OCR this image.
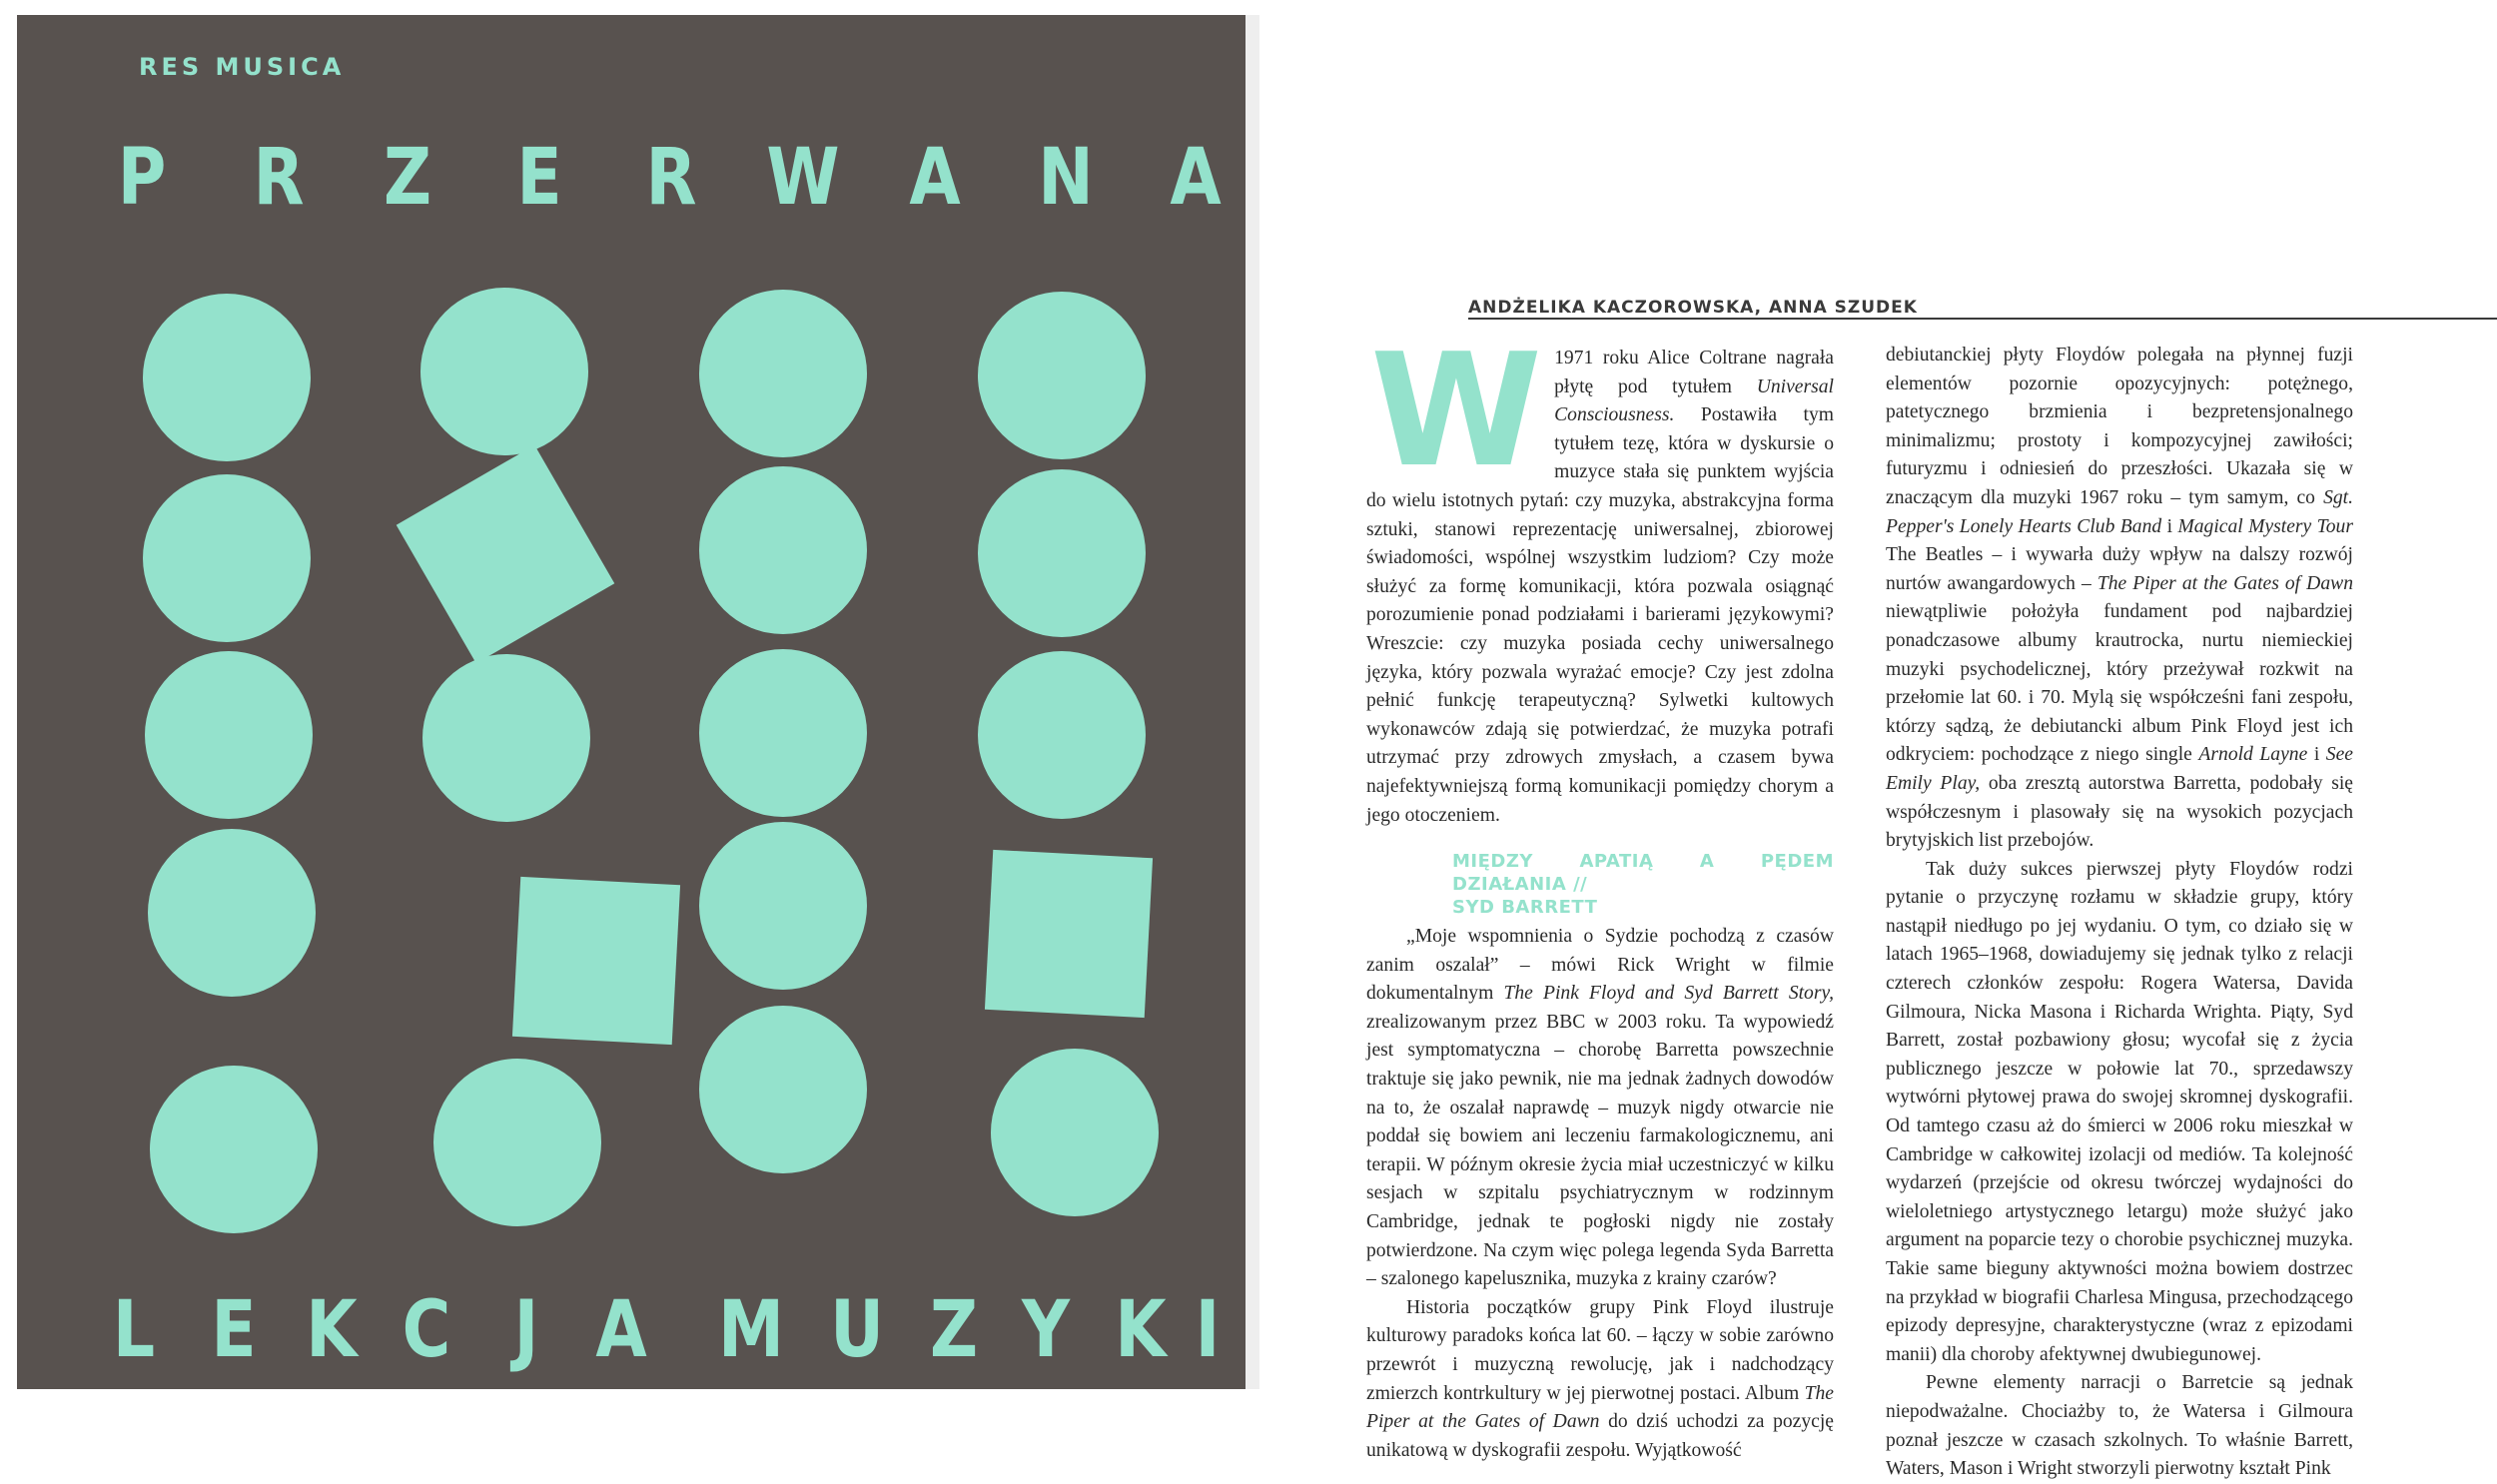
RES MUSICA
P R Z E R W A N A
L E K C J A M U Z Y K I
ANDŻELIKA KACZOROWSKA, ANNA SZUDEK

W 1971 roku Alice Coltrane nagrała płytę pod tytułem Universal Consciousness. Postawiła tym tytułem tezę, która w dyskursie o muzyce stała się punktem wyjścia do wielu istotnych pytań: czy muzyka, abstrakcyjna forma sztuki, stanowi reprezentację uniwersalnej, zbiorowej świadomości, wspólnej wszystkim ludziom? Czy może służyć za formę komunikacji, która pozwala osiągnąć porozumienie ponad podziałami i barierami językowymi? Wreszcie: czy muzyka posiada cechy uniwersalnego języka, który pozwala wyrażać emocje? Czy jest zdolna pełnić funkcję terapeutyczną? Sylwetki kultowych wykonawców zdają się potwierdzać, że muzyka potrafi utrzymać przy zdrowych zmysłach, a czasem bywa najefektywniejszą formą komunikacji pomiędzy chorym a jego otoczeniem.

MIĘDZY APATIĄ A PĘDEM DZIAŁANIA //
SYD BARRETT

„Moje wspomnienia o Sydzie pochodzą z czasów zanim oszalał” – mówi Rick Wright w filmie dokumentalnym The Pink Floyd and Syd Barrett Story, zrealizowanym przez BBC w 2003 roku. Ta wypowiedź jest symptomatyczna – chorobę Barretta powszechnie traktuje się jako pewnik, nie ma jednak żadnych dowodów na to, że oszalał naprawdę – muzyk nigdy otwarcie nie poddał się bowiem ani leczeniu farmakologicznemu, ani terapii. W późnym okresie życia miał uczestniczyć w kilku sesjach w szpitalu psychiatrycznym w rodzinnym Cambridge, jednak te pogłoski nigdy nie zostały potwierdzone. Na czym więc polega legenda Syda Barretta – szalonego kapelusznika, muzyka z krainy czarów?

Historia początków grupy Pink Floyd ilustruje kulturowy paradoks końca lat 60. – łączy w sobie zarówno przewrót i muzyczną rewolucję, jak i nadchodzący zmierzch kontrkultury w jej pierwotnej postaci. Album The Piper at the Gates of Dawn do dziś uchodzi za pozycję unikatową w dyskografii zespołu. Wyjątkowość

debiutanckiej płyty Floydów polegała na płynnej fuzji elementów pozornie opozycyjnych: potężnego, patetycznego brzmienia i bezpretensjonalnego minimalizmu; prostoty i kompozycyjnej zawiłości; futuryzmu i odniesień do przeszłości. Ukazała się w znaczącym dla muzyki 1967 roku – tym samym, co Sgt. Pepper's Lonely Hearts Club Band i Magical Mystery Tour The Beatles – i wywarła duży wpływ na dalszy rozwój nurtów awangardowych – The Piper at the Gates of Dawn niewątpliwie położyła fundament pod najbardziej ponadczasowe albumy krautrocka, nurtu niemieckiej muzyki psychodelicznej, który przeżywał rozkwit na przełomie lat 60. i 70. Mylą się współcześni fani zespołu, którzy sądzą, że debiutancki album Pink Floyd jest ich odkryciem: pochodzące z niego single Arnold Layne i See Emily Play, oba zresztą autorstwa Barretta, podobały się współczesnym i plasowały się na wysokich pozycjach brytyjskich list przebojów.

Tak duży sukces pierwszej płyty Floydów rodzi pytanie o przyczynę rozłamu w składzie grupy, który nastąpił niedługo po jej wydaniu. O tym, co działo się w latach 1965–1968, dowiadujemy się jednak tylko z relacji czterech członków zespołu: Rogera Watersa, Davida Gilmoura, Nicka Masona i Richarda Wrighta. Piąty, Syd Barrett, został pozbawiony głosu; wycofał się z życia publicznego jeszcze w połowie lat 70., sprzedawszy wytwórni płytowej prawa do swojej skromnej dyskografii. Od tamtego czasu aż do śmierci w 2006 roku mieszkał w Cambridge w całkowitej izolacji od mediów. Ta kolejność wydarzeń (przejście od okresu twórczej wydajności do wieloletniego artystycznego letargu) może służyć jako argument na poparcie tezy o chorobie psychicznej muzyka. Takie same bieguny aktywności można bowiem dostrzec na przykład w biografii Charlesa Mingusa, przechodzącego epizody depresyjne, charakterystyczne (wraz z epizodami manii) dla choroby afektywnej dwubiegunowej.

Pewne elementy narracji o Barretcie są jednak niepodważalne. Chociażby to, że Watersa i Gilmoura poznał jeszcze w czasach szkolnych. To właśnie Barrett, Waters, Mason i Wright stworzyli pierwotny kształt Pink
